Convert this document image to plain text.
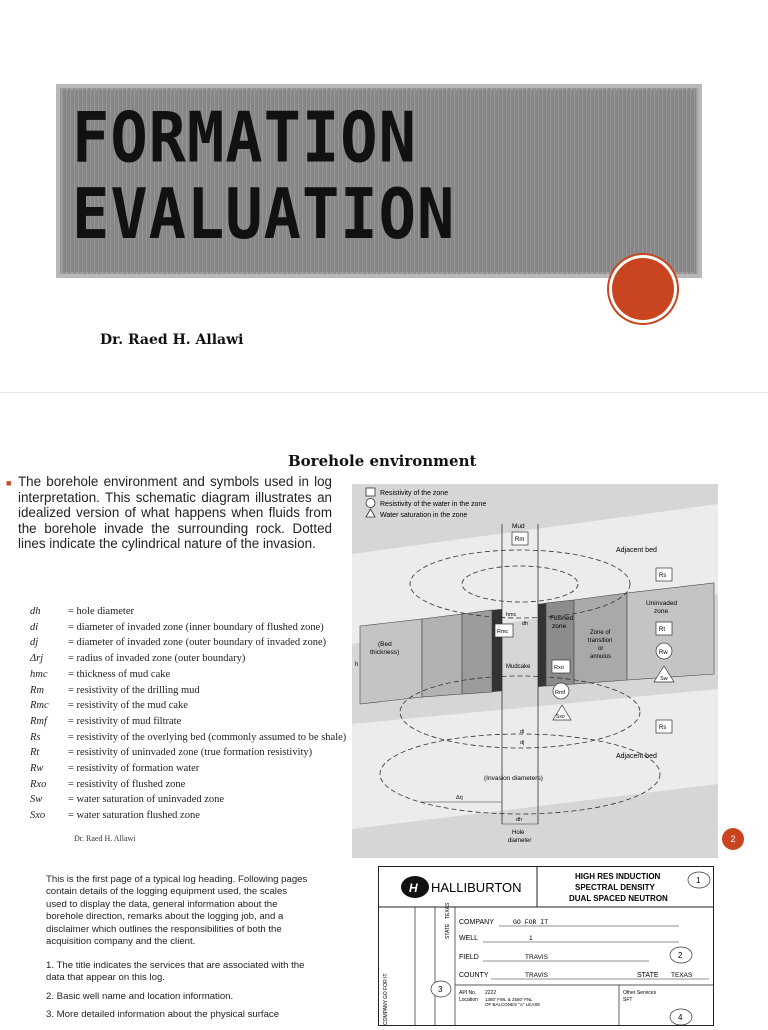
FORMATION
EVALUATION
Dr. Raed H. Allawi
Borehole environment
■ The borehole environment and symbols used in log interpretation. This schematic diagram illustrates an idealized version of what happens when fluids from the borehole invade the surrounding rock. Dotted lines indicate the cylindrical nature of the invasion.
dh	= hole diameter
di	= diameter of invaded zone (inner boundary of flushed zone)
dj	= diameter of invaded zone (outer boundary of invaded zone)
Δrj = radius of invaded zone (outer boundary)
hmc = thickness of mud cake
Rm = resistivity of the drilling mud
Rmc = resistivity of the mud cake
Rmf = resistivity of mud filtrate
Rs	= resistivity of the overlying bed (commonly assumed to be shale)
Rt	= resistivity of uninvaded zone (true formation resistivity)
Rw = resistivity of formation water
Rxo = resistivity of flushed zone
Sw = water saturation of uninvaded zone
Sxo = water saturation flushed zone
Dr. Raed H. Allawi	2
Resistivity of the zone
Resistivity of the water in the zone
Water saturation in the zone
Mud
Rm
Adjacent bed
Rs
Uninvaded
zone
Rt
Rw
Sw
hmc
dh
Rmc
Flushed
zone
Zone of
transition
or
annulus
(Bed
thickness)
Mudcake	Rxo
Rmf
Sxo
h
di
dj
Rs
Adjacent bed
(Invasion diameters)
Δrj
dh
Hole
diameter
This is the first page of a typical log heading. Following pages contain details of the logging equipment used, the scales used to display the data, general information about the borehole direction, remarks about the logging job, and a disclaimer which outlines the responsibilities of both the acquisition company and the client.
1. The title indicates the services that are associated with the data that appear on this log.
2. Basic well name and location information.
3. More detailed information about the physical surface
H HALLIBURTON
HIGH RES INDUCTION
SPECTRAL DENSITY
DUAL SPACED NEUTRON
1
COMPANY	GO FOR IT
WELL	1
FIELD	TRAVIS	2
COUNTY	TRAVIS	STATE TEXAS
API No. 2222
Location 1360' FWL & 2560' FNL
OF BALCONES "A" LEASE
Other Services
SFT
4
3
STATE
TEXAS
COMPANY
GO FOR IT
